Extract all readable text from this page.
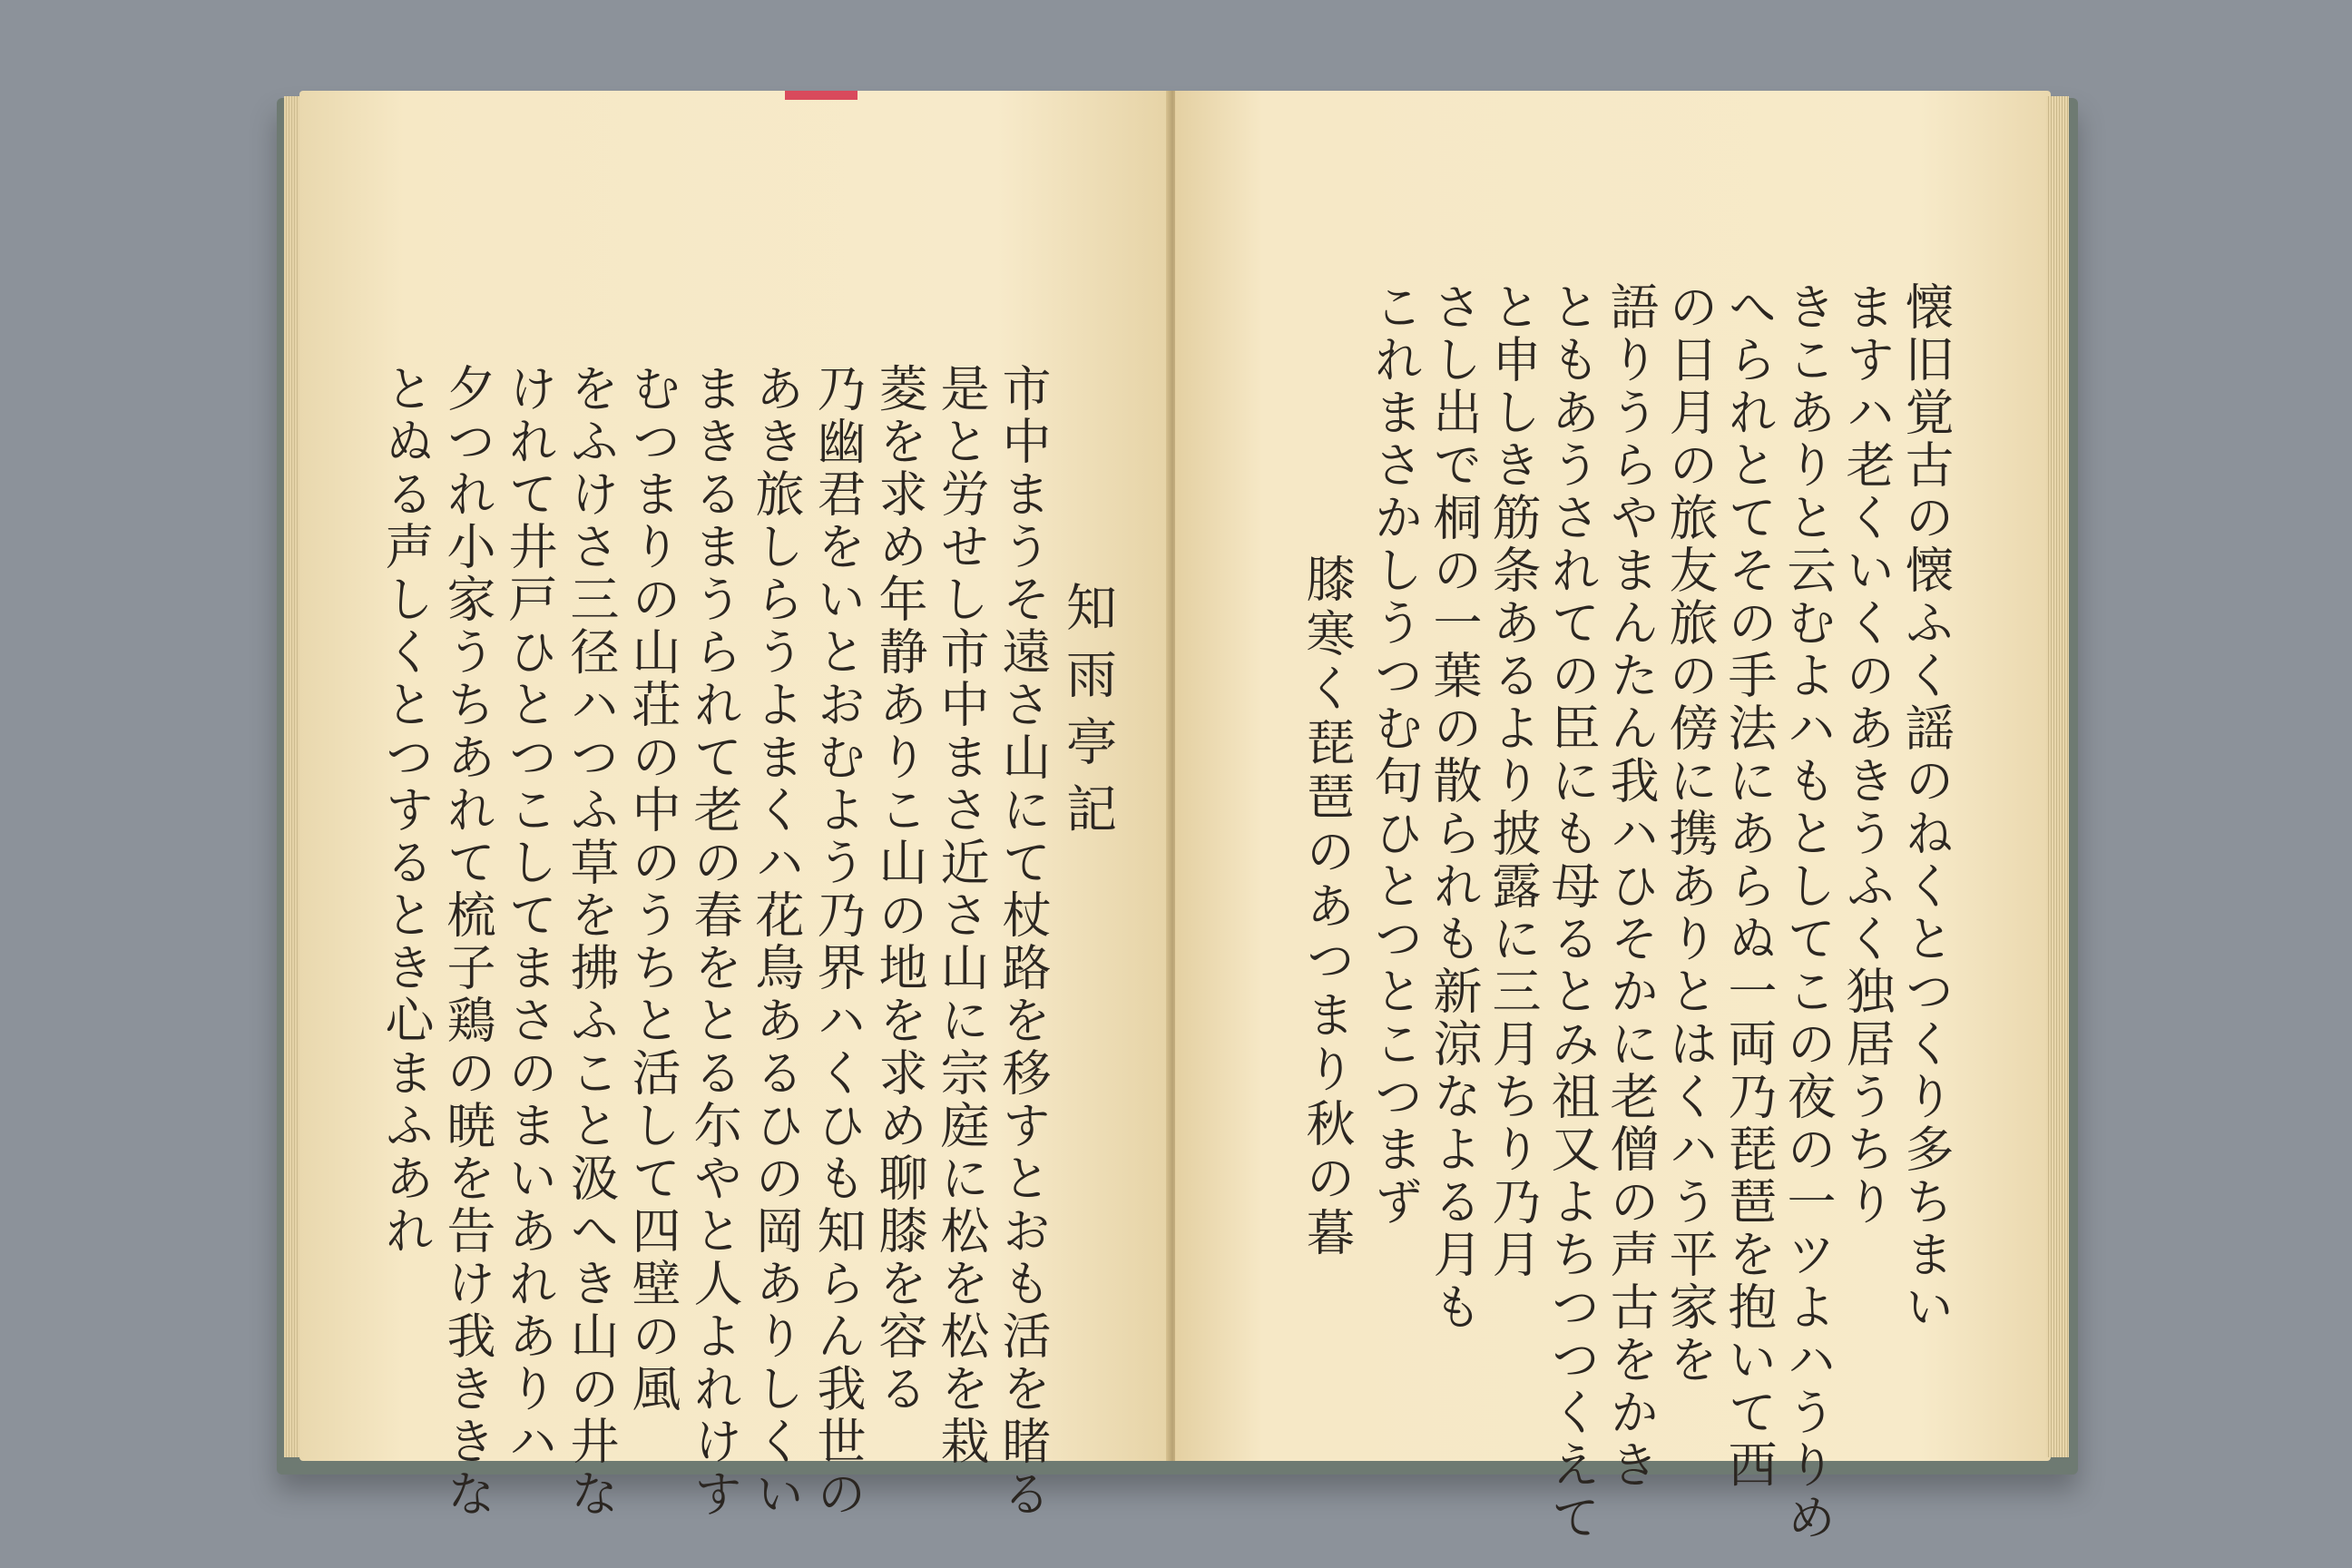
知雨亭記
市中まうそ遠さ山にて杖路を移すとおも活を睹る
是と労せし市中まさ近さ山に宗庭に松を松を栽
菱を求め年静ありこ山の地を求め聊膝を容る
乃幽君をいとおむよう乃界ハくひも知らん我世の
あき旅しらうよまくハ花鳥あるひの岡ありしくい
まきるまうられて老の春をとる尓やと人よれけす
むつまりの山荘の中のうちと活して四壁の風
をふけさ三径ハつふ草を拂ふこと汲へき山の井な
けれて井戸ひとつこしてまさのまいあれありハ
夕つれ小家うちあれて梳子鶏の暁を告け我ききな
とぬる声しくとつするとき心まふあれ	懐旧覚古の懐ふく謡のねくとつくり多ちまい
ますハ老くいくのあきうふく独居うちり
きこありと云むよハもとしてこの夜の一ツよハうりめ
へられとてその手法にあらぬ一両乃琵琶を抱いて西
の日月の旅友旅の傍に携ありとはくハう平家を
語りうらやまんたん我ハひそかに老僧の声古をかき
ともあうされての臣にも母るとみ祖又よちつつくえて
と申しき筋条あるより披露に三月ちり乃月
さし出で桐の一葉の散られも新涼なよる月も
これまさかしうつむ句ひとつとこつまず
膝寒く琵琶のあつまり秋の暮
